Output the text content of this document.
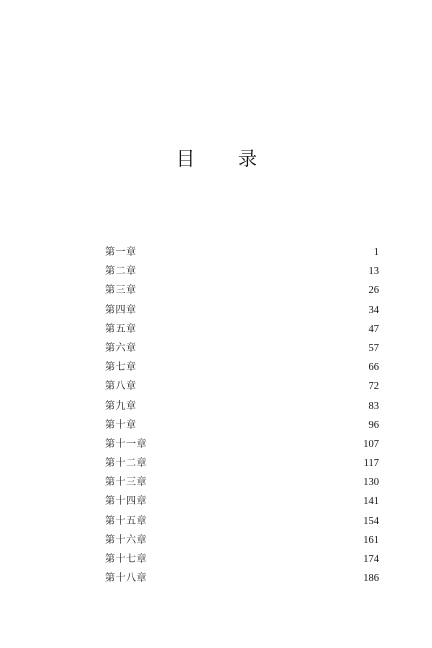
目 录
第一章	1
第二章	13
第三章	26
第四章	34
第五章	47
第六章	57
第七章	66
第八章	72
第九章	83
第十章	96
第十一章	107
第十二章	117
第十三章	130
第十四章	141
第十五章	154
第十六章	161
第十七章	174
第十八章	186
